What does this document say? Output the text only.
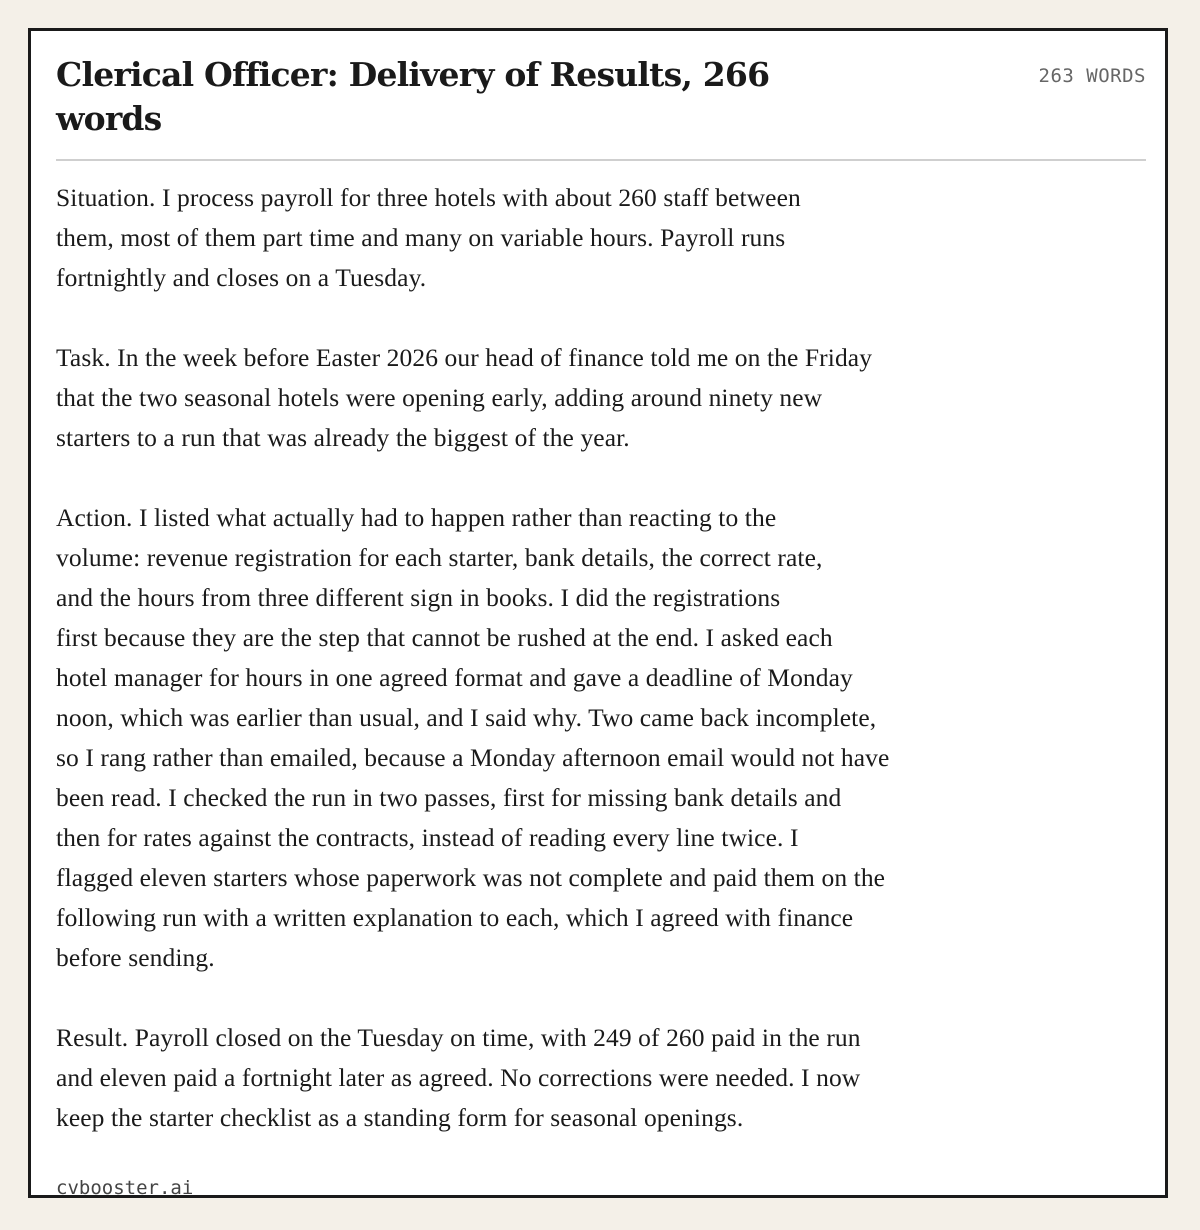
Clerical Officer: Delivery of Results, 266 words
263 WORDS

Situation. I process payroll for three hotels with about 260 staff between
them, most of them part time and many on variable hours. Payroll runs
fortnightly and closes on a Tuesday.

Task. In the week before Easter 2026 our head of finance told me on the Friday
that the two seasonal hotels were opening early, adding around ninety new
starters to a run that was already the biggest of the year.

Action. I listed what actually had to happen rather than reacting to the
volume: revenue registration for each starter, bank details, the correct rate,
and the hours from three different sign in books. I did the registrations
first because they are the step that cannot be rushed at the end. I asked each
hotel manager for hours in one agreed format and gave a deadline of Monday
noon, which was earlier than usual, and I said why. Two came back incomplete,
so I rang rather than emailed, because a Monday afternoon email would not have
been read. I checked the run in two passes, first for missing bank details and
then for rates against the contracts, instead of reading every line twice. I
flagged eleven starters whose paperwork was not complete and paid them on the
following run with a written explanation to each, which I agreed with finance
before sending.

Result. Payroll closed on the Tuesday on time, with 249 of 260 paid in the run
and eleven paid a fortnight later as agreed. No corrections were needed. I now
keep the starter checklist as a standing form for seasonal openings.

cvbooster.ai
